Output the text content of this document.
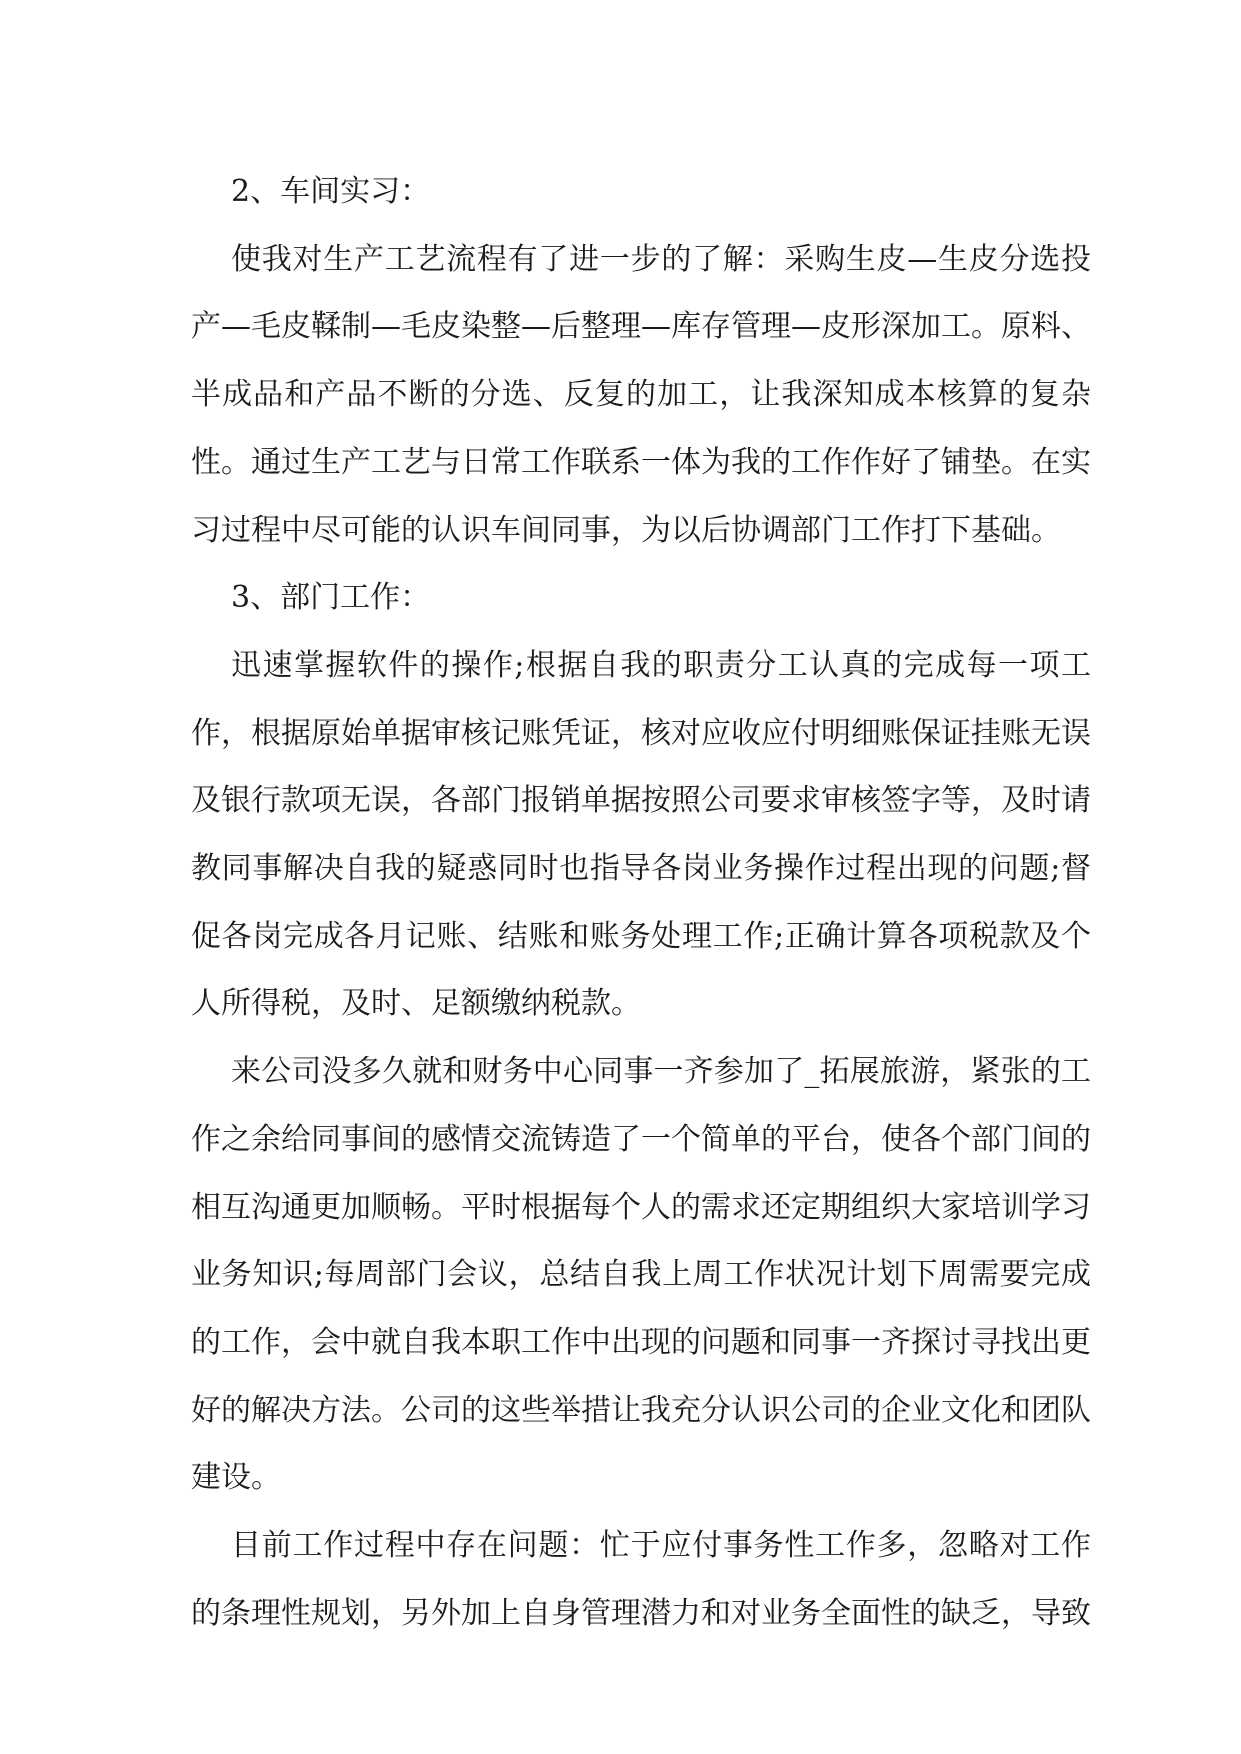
2、车间实习：

使我对生产工艺流程有了进一步的了解：采购生皮—生皮分选投产—毛皮鞣制—毛皮染整—后整理—库存管理—皮形深加工。原料、半成品和产品不断的分选、反复的加工，让我深知成本核算的复杂性。通过生产工艺与日常工作联系一体为我的工作作好了铺垫。在实习过程中尽可能的认识车间同事，为以后协调部门工作打下基础。

3、部门工作：

迅速掌握软件的操作;根据自我的职责分工认真的完成每一项工作，根据原始单据审核记账凭证，核对应收应付明细账保证挂账无误及银行款项无误，各部门报销单据按照公司要求审核签字等，及时请教同事解决自我的疑惑同时也指导各岗业务操作过程出现的问题;督促各岗完成各月记账、结账和账务处理工作;正确计算各项税款及个人所得税，及时、足额缴纳税款。

来公司没多久就和财务中心同事一齐参加了_拓展旅游，紧张的工作之余给同事间的感情交流铸造了一个简单的平台，使各个部门间的相互沟通更加顺畅。平时根据每个人的需求还定期组织大家培训学习业务知识;每周部门会议，总结自我上周工作状况计划下周需要完成的工作，会中就自我本职工作中出现的问题和同事一齐探讨寻找出更好的解决方法。公司的这些举措让我充分认识公司的企业文化和团队建设。

目前工作过程中存在问题：忙于应付事务性工作多，忽略对工作的条理性规划，另外加上自身管理潜力和对业务全面性的缺乏，导致
